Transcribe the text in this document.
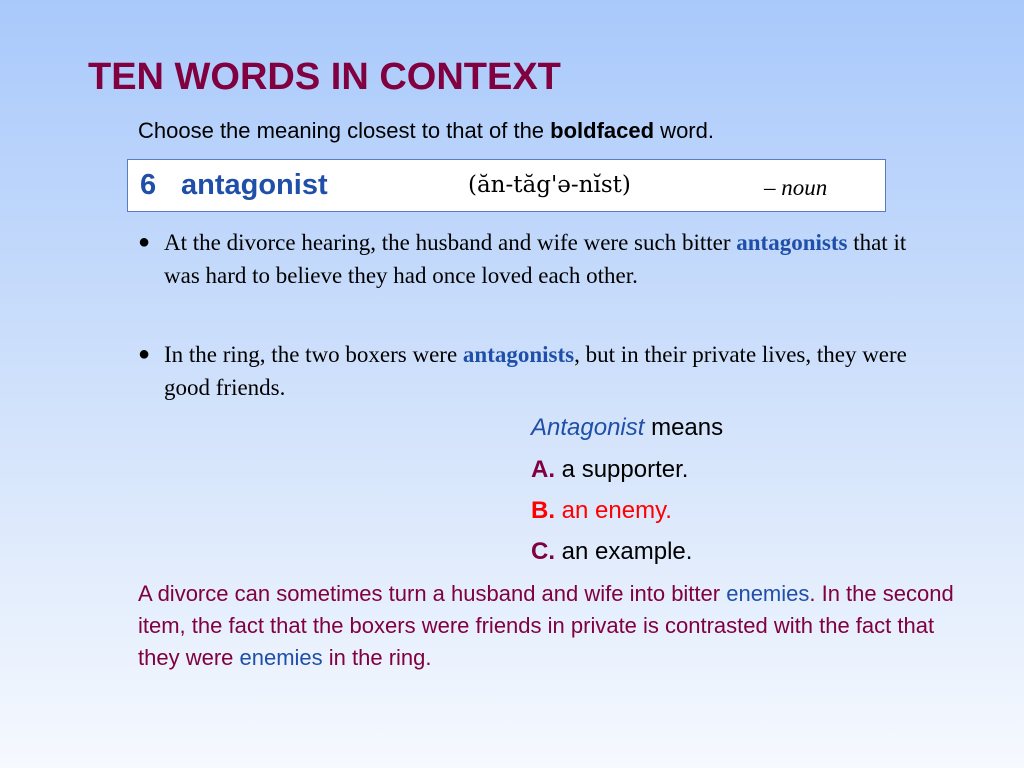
TEN WORDS IN CONTEXT
Choose the meaning closest to that of the boldfaced word.
6 antagonist	(ăn-tăg'ə-nĭst)	– noun
● At the divorce hearing, the husband and wife were such bitter antagonists that it was hard to believe they had once loved each other.
● In the ring, the two boxers were antagonists, but in their private lives, they were good friends.
Antagonist means
A. a supporter.
B. an enemy.
C. an example.
A divorce can sometimes turn a husband and wife into bitter enemies. In the second item, the fact that the boxers were friends in private is contrasted with the fact that they were enemies in the ring.
